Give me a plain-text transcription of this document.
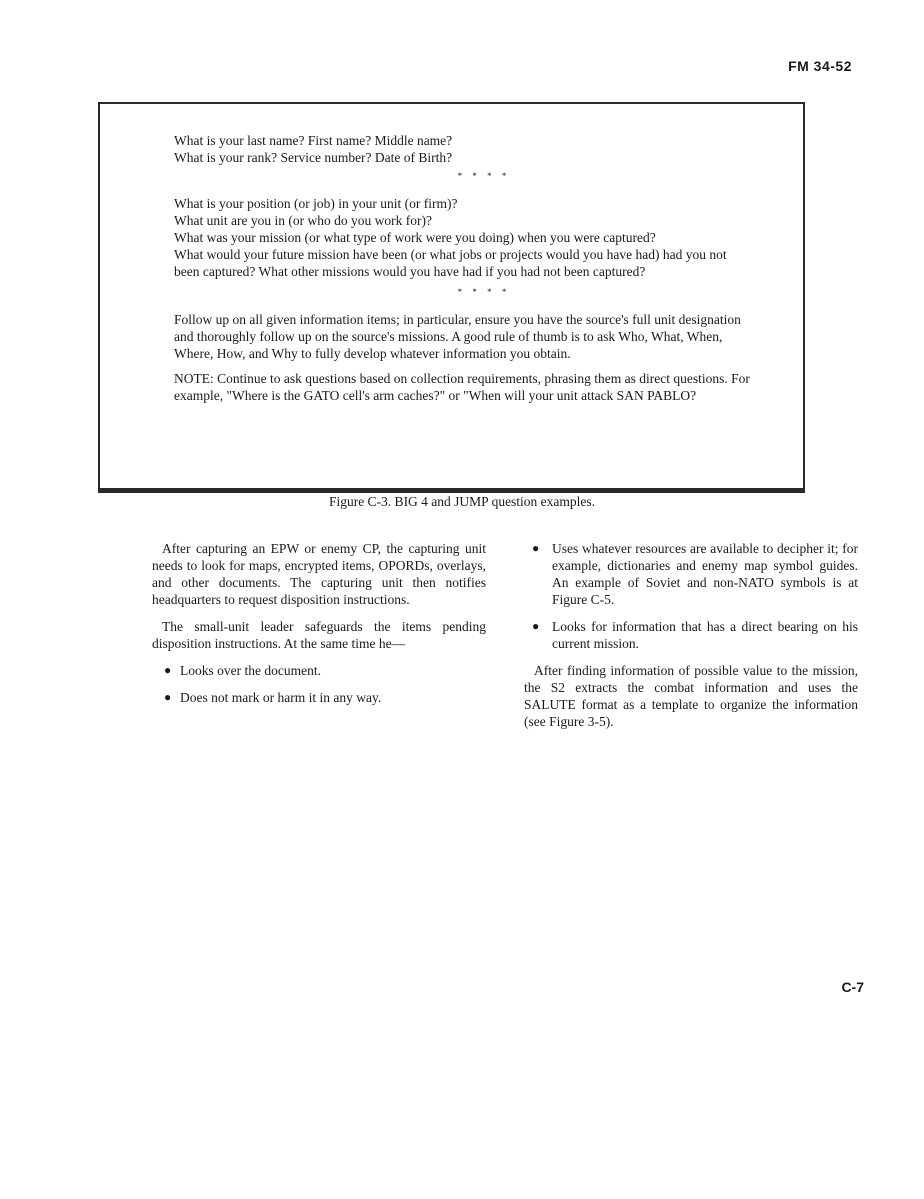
FM 34-52

What is your last name? First name? Middle name?

What is your rank? Service number? Date of Birth?

* * * *

What is your position (or job) in your unit (or firm)?

What unit are you in (or who do you work for)?

What was your mission (or what type of work were you doing) when you were captured?

What would your future mission have been (or what jobs or projects would you have had) had you not been captured? What other missions would you have had if you had not been captured?

* * * *

Follow up on all given information items; in particular, ensure you have the source's full unit designation and thoroughly follow up on the source's missions. A good rule of thumb is to ask Who, What, When, Where, How, and Why to fully develop whatever information you obtain.

NOTE: Continue to ask questions based on collection requirements, phrasing them as direct questions. For example, "Where is the GATO cell's arm caches?" or "When will your unit attack SAN PABLO?

Figure C-3. BIG 4 and JUMP question examples.

After capturing an EPW or enemy CP, the capturing unit needs to look for maps, encrypted items, OPORDs, overlays, and other documents. The capturing unit then notifies headquarters to request disposition instructions.

The small-unit leader safeguards the items pending disposition instructions. At the same time he—

● Looks over the document.
● Does not mark or harm it in any way.
● Uses whatever resources are available to decipher it; for example, dictionaries and enemy map symbol guides. An example of Soviet and non-NATO symbols is at Figure C-5.
● Looks for information that has a direct bearing on his current mission.

After finding information of possible value to the mission, the S2 extracts the combat information and uses the SALUTE format as a template to organize the information (see Figure 3-5).

C-7
